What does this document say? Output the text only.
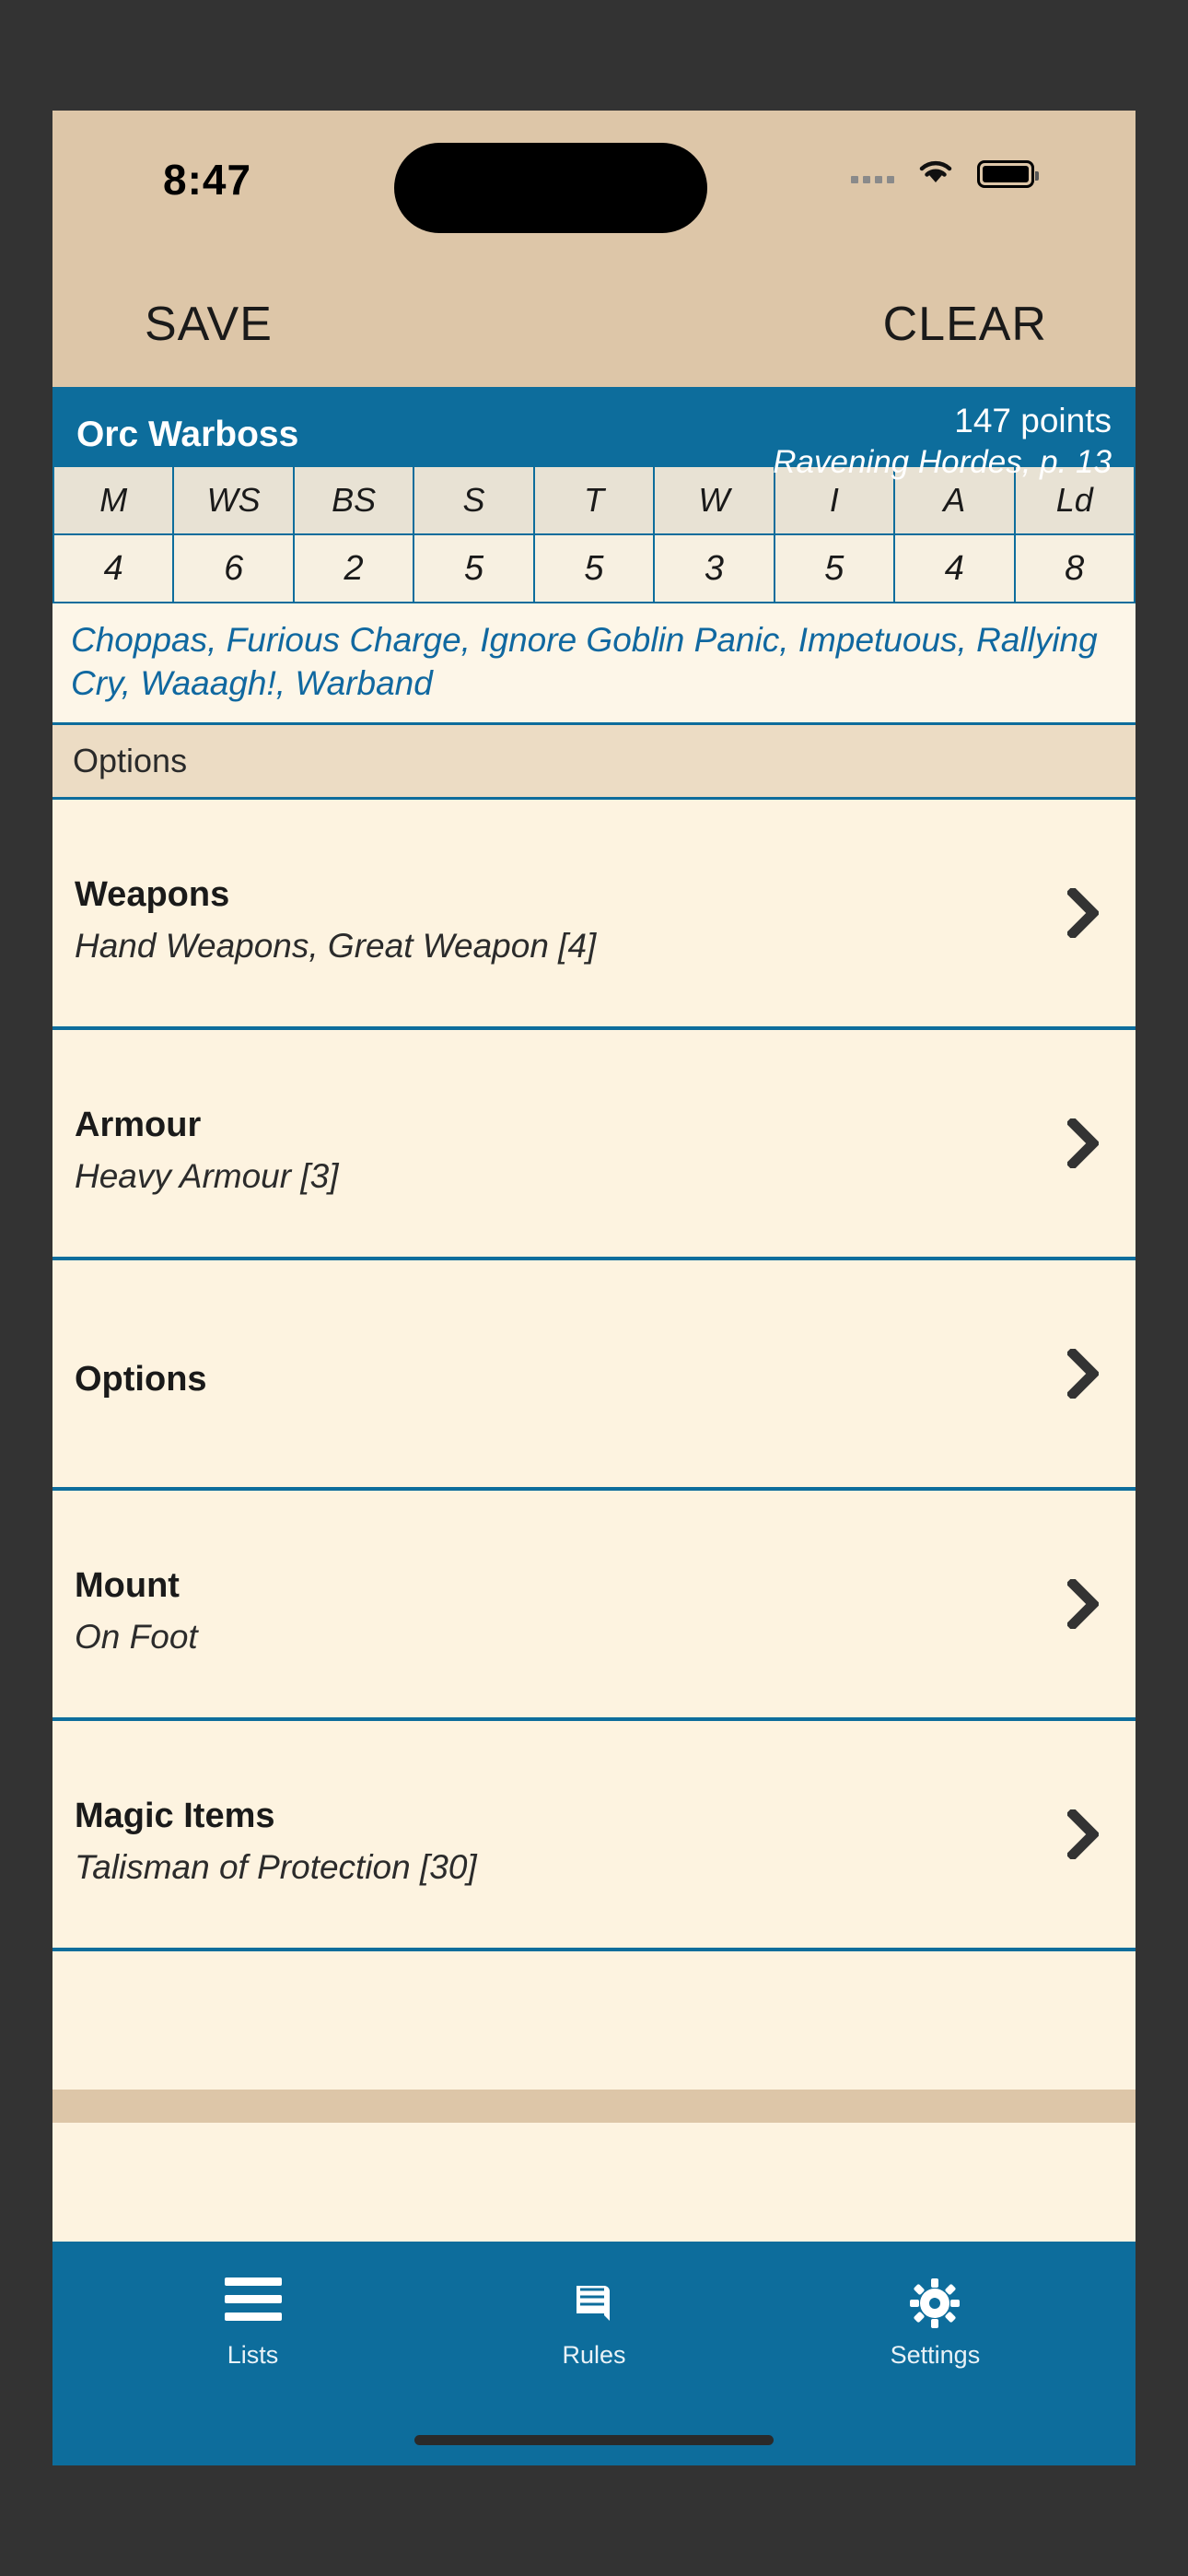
8:47
SAVE	CLEAR
Orc Warboss	147 points
Ravening Hordes, p. 13
M	WS	BS	S	T	W	I	A	Ld
4	6	2	5	5	3	5	4	8
Choppas, Furious Charge, Ignore Goblin Panic, Impetuous, Rallying Cry, Waaagh!, Warband
Options
Weapons
Hand Weapons, Great Weapon [4]
Armour
Heavy Armour [3]
Options
Mount
On Foot
Magic Items
Talisman of Protection [30]
Lists	Rules	Settings
